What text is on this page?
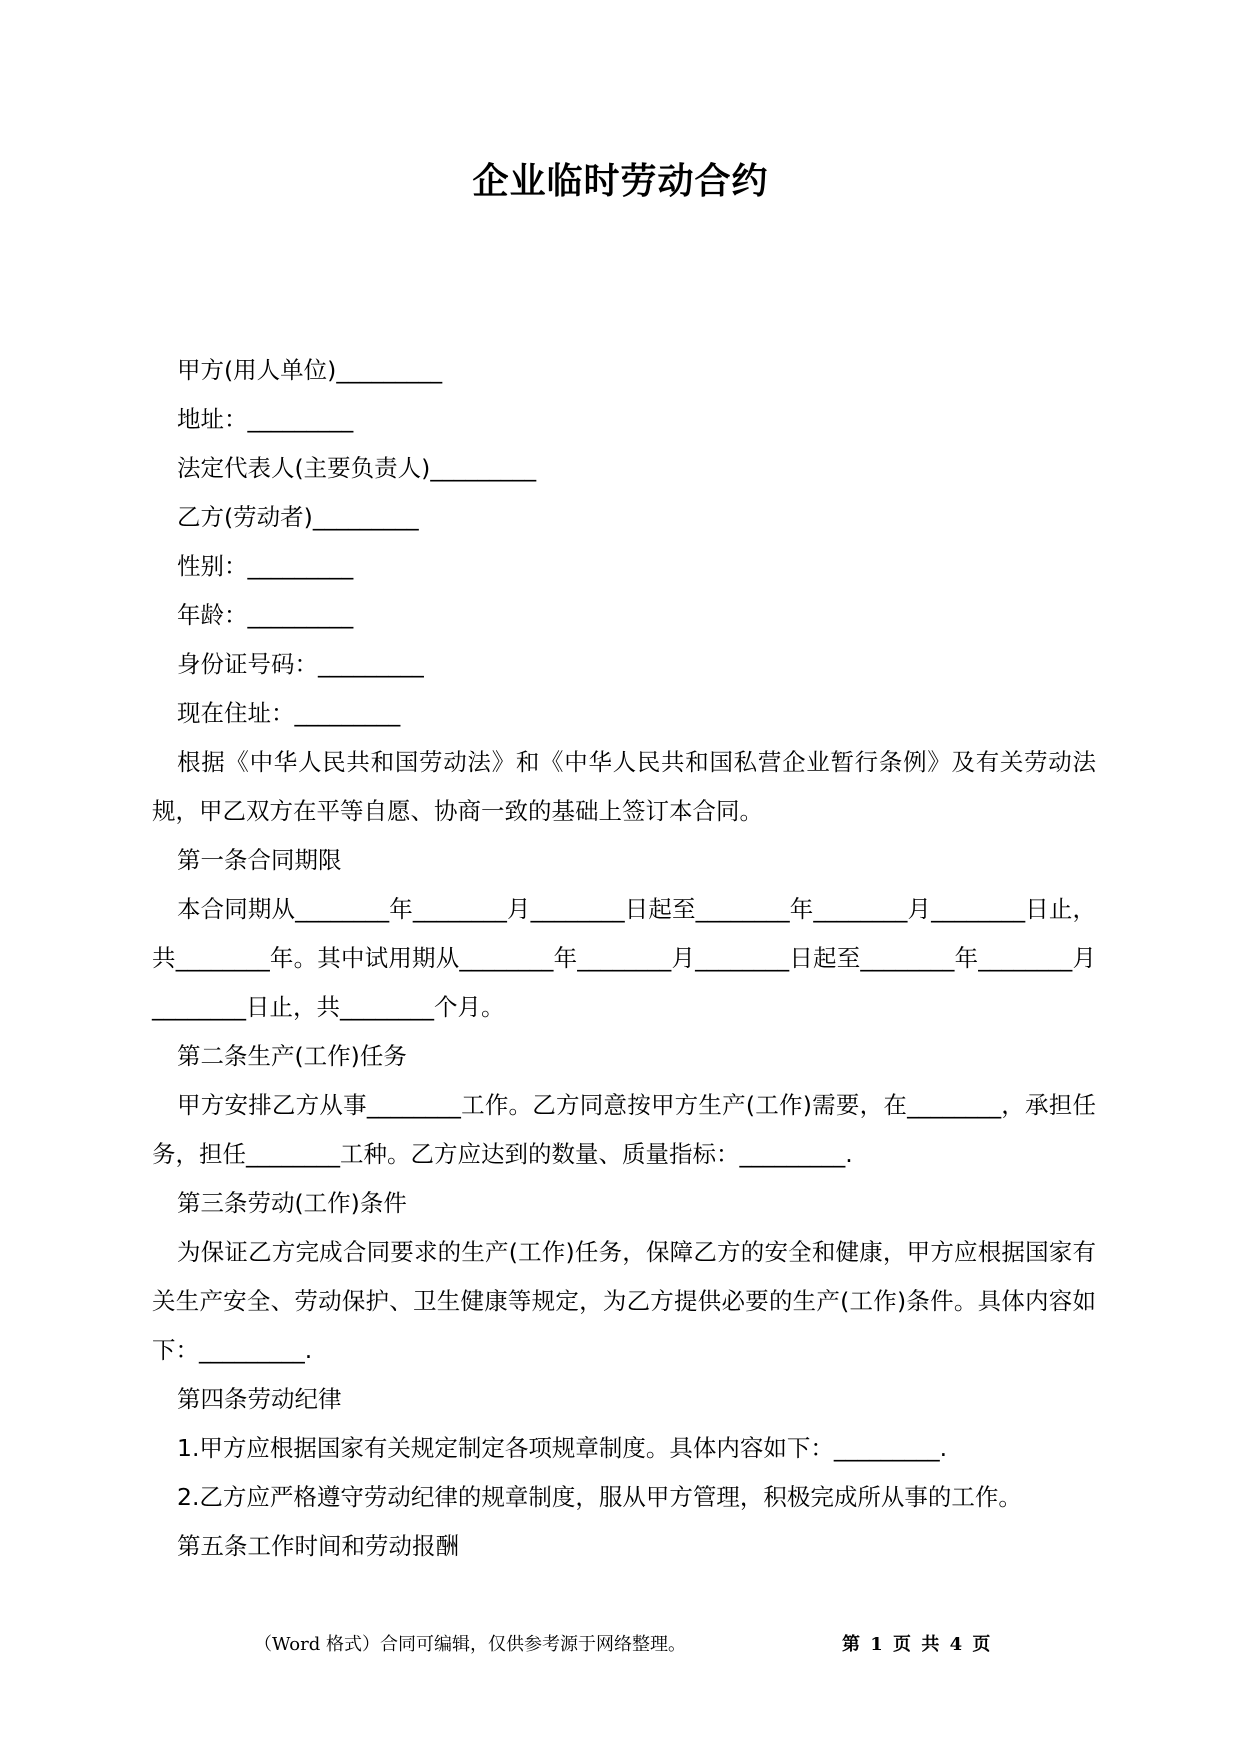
企业临时劳动合约
甲方(用人单位)_________
地址：_________
法定代表人(主要负责人)_________
乙方(劳动者)_________
性别：_________
年龄：_________
身份证号码：_________
现在住址：_________
根据《中华人民共和国劳动法》和《中华人民共和国私营企业暂行条例》及有关劳动法规，甲乙双方在平等自愿、协商一致的基础上签订本合同。
第一条合同期限
本合同期从________年________月________日起至________年________月________日止，共________年。其中试用期从________年________月________日起至________年________月________日止，共________个月。
第二条生产(工作)任务
甲方安排乙方从事________工作。乙方同意按甲方生产(工作)需要，在________，承担任务，担任________工种。乙方应达到的数量、质量指标：_________.
第三条劳动(工作)条件
为保证乙方完成合同要求的生产(工作)任务，保障乙方的安全和健康，甲方应根据国家有关生产安全、劳动保护、卫生健康等规定，为乙方提供必要的生产(工作)条件。具体内容如下：_________.
第四条劳动纪律
1.甲方应根据国家有关规定制定各项规章制度。具体内容如下：_________.
2.乙方应严格遵守劳动纪律的规章制度，服从甲方管理，积极完成所从事的工作。
第五条工作时间和劳动报酬
（Word 格式）合同可编辑，仅供参考源于网络整理。	第 1 页 共 4 页
